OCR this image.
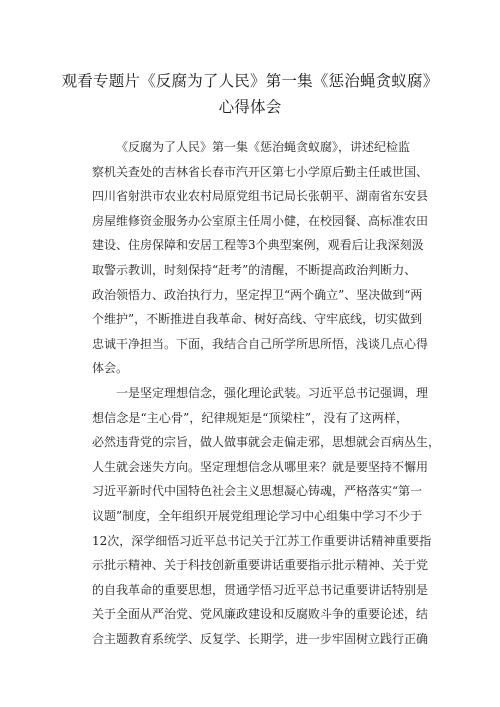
观看专题片《反腐为了人民》第一集《惩治蝇贪蚁腐》
心得体会
《反腐为了人民》第一集《惩治蝇贪蚁腐》，讲述纪检监
察机关查处的吉林省长春市汽开区第七小学原后勤主任戚世国、
四川省射洪市农业农村局原党组书记局长张朝平、湖南省东安县
房屋维修资金服务办公室原主任周小健，在校园餐、高标准农田
建设、住房保障和安居工程等3个典型案例，观看后让我深刻汲
取警示教训，时刻保持“赶考”的清醒，不断提高政治判断力、
政治领悟力、政治执行力，坚定捍卫“两个确立”、坚决做到“两
个维护”，不断推进自我革命、树好高线、守牢底线，切实做到
忠诚干净担当。下面，我结合自己所学所思所悟，浅谈几点心得
体会。
一是坚定理想信念，强化理论武装。习近平总书记强调，理
想信念是“主心骨”，纪律规矩是“顶梁柱”，没有了这两样，
必然违背党的宗旨，做人做事就会走偏走邪，思想就会百病丛生，
人生就会迷失方向。坚定理想信念从哪里来？就是要坚持不懈用
习近平新时代中国特色社会主义思想凝心铸魂，严格落实“第一
议题”制度，全年组织开展党组理论学习中心组集中学习不少于
12次，深学细悟习近平总书记关于江苏工作重要讲话精神重要指
示批示精神、关于科技创新重要讲话重要指示批示精神、关于党
的自我革命的重要思想，贯通学悟习近平总书记重要讲话特别是
关于全面从严治党、党风廉政建设和反腐败斗争的重要论述，结
合主题教育系统学、反复学、长期学，进一步牢固树立践行正确
